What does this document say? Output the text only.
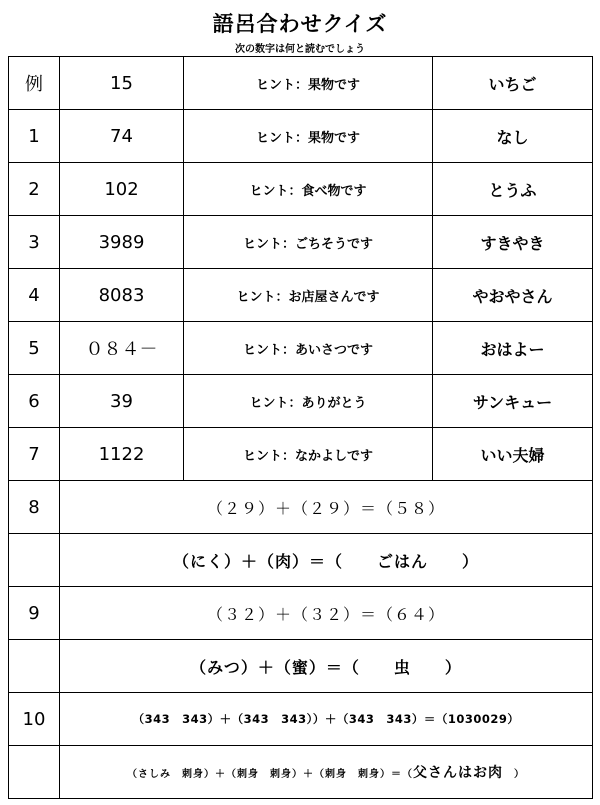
語呂合わせクイズ
次の数字は何と読むでしょう
例	15	ヒント：果物です	いちご
1	74	ヒント：果物です	なし
2	102	ヒント：食べ物です	とうふ
3	3989	ヒント：ごちそうです	すきやき
4	8083	ヒント：お店屋さんです	やおやさん
5	０８４－	ヒント：あいさつです	おはよー
6	39	ヒント：ありがとう	サンキュー
7	1122	ヒント：なかよしです	いい夫婦
8	（２９）＋（２９）＝（５８）		
	（にく）＋（肉）＝（　　ごはん　　）		
9	（３２）＋（３２）＝（６４）		
	（みつ）＋（蜜）＝（　　虫　　）		
10	（343　343）＋（343　343））＋（343　343）＝（1030029）		
	（さしみ　刺身）＋（刺身　刺身）＋（刺身　刺身）＝（父さんはお肉　）		
